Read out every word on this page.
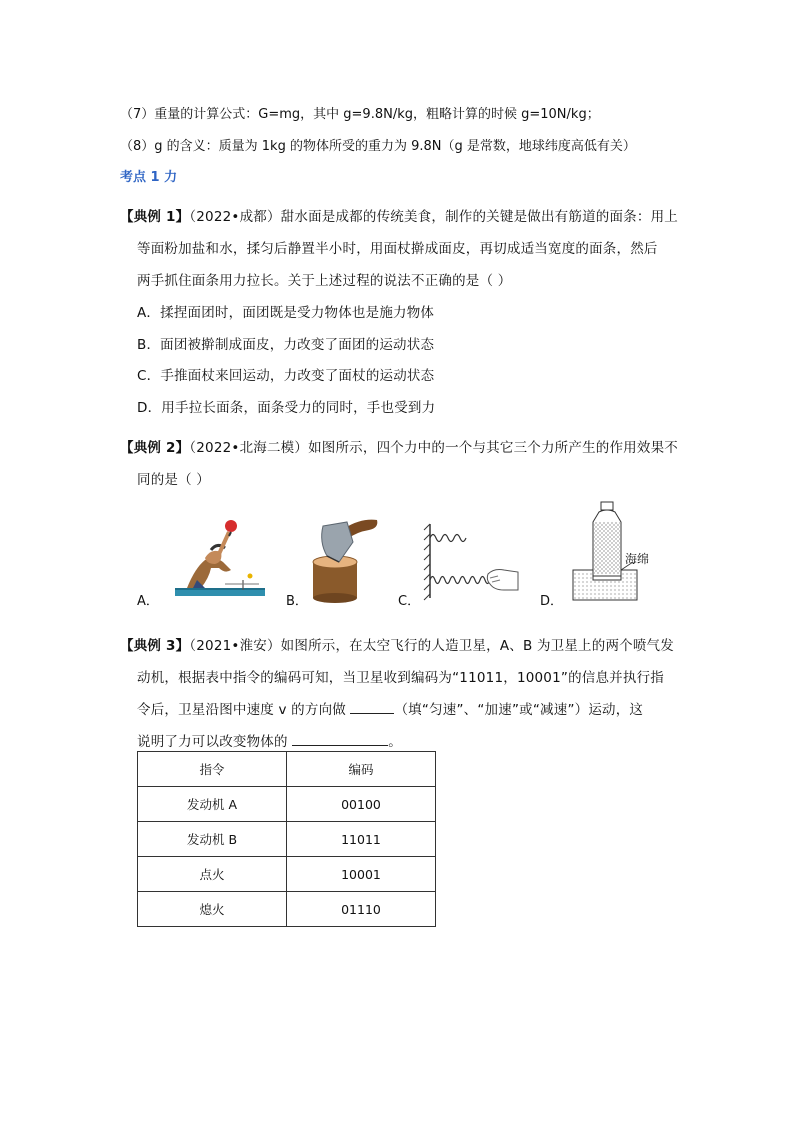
（7）重量的计算公式：G=mg，其中 g=9.8N/kg，粗略计算的时候 g=10N/kg；
（8）g 的含义：质量为 1kg 的物体所受的重力为 9.8N（g 是常数，地球纬度高低有关）
考点 1 力
【典例 1】（2022•成都）甜水面是成都的传统美食，制作的关键是做出有筋道的面条：用上
等面粉加盐和水，揉匀后静置半小时，用面杖擀成面皮，再切成适当宽度的面条，然后
两手抓住面条用力拉长。关于上述过程的说法不正确的是（ ）
A．揉捏面团时，面团既是受力物体也是施力物体
B．面团被擀制成面皮，力改变了面团的运动状态
C．手推面杖来回运动，力改变了面杖的运动状态
D．用手拉长面条，面条受力的同时，手也受到力
【典例 2】（2022•北海二模）如图所示，四个力中的一个与其它三个力所产生的作用效果不
同的是（ ）
A．	B．	C．
海绵
D．
【典例 3】（2021•淮安）如图所示，在太空飞行的人造卫星，A、B 为卫星上的两个喷气发
动机，根据表中指令的编码可知，当卫星收到编码为“11011，10001”的信息并执行指
令后，卫星沿图中速度 v 的方向做	（填“匀速”、“加速”或“减速”）运动，这
说明了力可以改变物体的	。
指令	编码
发动机 A	00100
发动机 B	11011
点火	10001
熄火	01110
